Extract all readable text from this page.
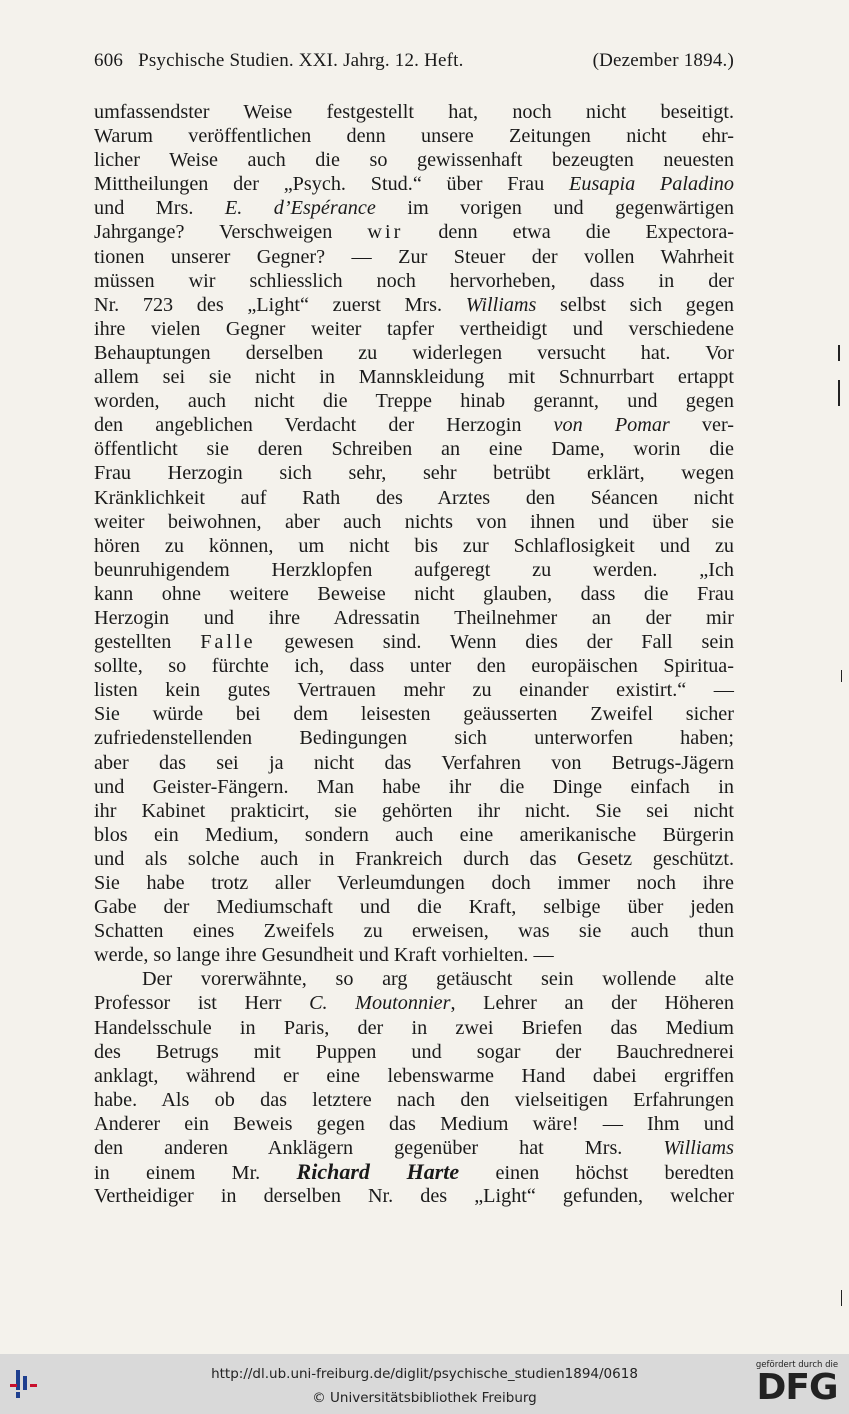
606 Psychische Studien. XXI. Jahrg. 12. Heft.	(Dezember 1894.)
umfassendster Weise festgestellt hat, noch nicht beseitigt.
Warum veröffentlichen denn unsere Zeitungen nicht ehr-
licher Weise auch die so gewissenhaft bezeugten neuesten
Mittheilungen der „Psych. Stud.“ über Frau Eusapia Paladino
und Mrs. E. d’Espérance im vorigen und gegenwärtigen
Jahrgange? Verschweigen wir denn etwa die Expectora-
tionen unserer Gegner? — Zur Steuer der vollen Wahrheit
müssen wir schliesslich noch hervorheben, dass in der
Nr. 723 des „Light“ zuerst Mrs. Williams selbst sich gegen
ihre vielen Gegner weiter tapfer vertheidigt und verschiedene
Behauptungen derselben zu widerlegen versucht hat. Vor
allem sei sie nicht in Mannskleidung mit Schnurrbart ertappt
worden, auch nicht die Treppe hinab gerannt, und gegen
den angeblichen Verdacht der Herzogin von Pomar ver-
öffentlicht sie deren Schreiben an eine Dame, worin die
Frau Herzogin sich sehr, sehr betrübt erklärt, wegen
Kränklichkeit auf Rath des Arztes den Séancen nicht
weiter beiwohnen, aber auch nichts von ihnen und über sie
hören zu können, um nicht bis zur Schlaflosigkeit und zu
beunruhigendem Herzklopfen aufgeregt zu werden. „Ich
kann ohne weitere Beweise nicht glauben, dass die Frau
Herzogin und ihre Adressatin Theilnehmer an der mir
gestellten Falle gewesen sind. Wenn dies der Fall sein
sollte, so fürchte ich, dass unter den europäischen Spiritua-
listen kein gutes Vertrauen mehr zu einander existirt.“ —
Sie würde bei dem leisesten geäusserten Zweifel sicher
zufriedenstellenden Bedingungen sich unterworfen haben;
aber das sei ja nicht das Verfahren von Betrugs-Jägern
und Geister-Fängern. Man habe ihr die Dinge einfach in
ihr Kabinet prakticirt, sie gehörten ihr nicht. Sie sei nicht
blos ein Medium, sondern auch eine amerikanische Bürgerin
und als solche auch in Frankreich durch das Gesetz geschützt.
Sie habe trotz aller Verleumdungen doch immer noch ihre
Gabe der Mediumschaft und die Kraft, selbige über jeden
Schatten eines Zweifels zu erweisen, was sie auch thun
werde, so lange ihre Gesundheit und Kraft vorhielten. —
Der vorerwähnte, so arg getäuscht sein wollende alte
Professor ist Herr C. Moutonnier, Lehrer an der Höheren
Handelsschule in Paris, der in zwei Briefen das Medium
des Betrugs mit Puppen und sogar der Bauchrednerei
anklagt, während er eine lebenswarme Hand dabei ergriffen
habe. Als ob das letztere nach den vielseitigen Erfahrungen
Anderer ein Beweis gegen das Medium wäre! — Ihm und
den anderen Anklägern gegenüber hat Mrs. Williams
in einem Mr. Richard Harte einen höchst beredten
Vertheidiger in derselben Nr. des „Light“ gefunden, welcher
http://dl.ub.uni-freiburg.de/diglit/psychische_studien1894/0618
© Universitätsbibliothek Freiburg
gefördert durch die
DFG
